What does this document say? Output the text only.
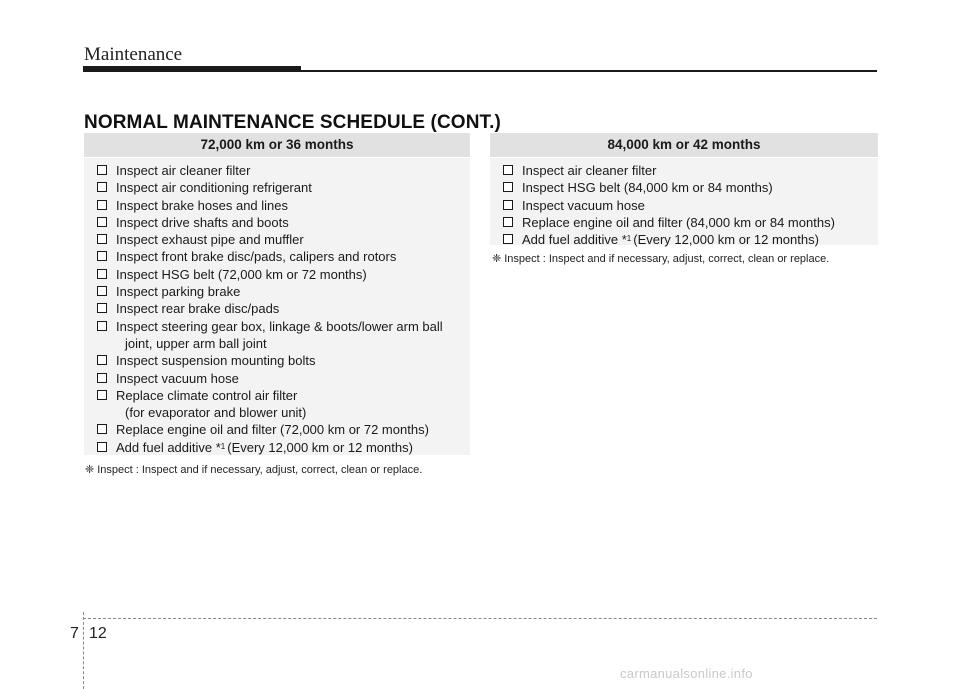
Maintenance
NORMAL MAINTENANCE SCHEDULE (CONT.)
72,000 km or 36 months
Inspect air cleaner filter
Inspect air conditioning refrigerant
Inspect brake hoses and lines
Inspect drive shafts and boots
Inspect exhaust pipe and muffler
Inspect front brake disc/pads, calipers and rotors
Inspect HSG belt (72,000 km or 72 months)
Inspect parking brake
Inspect rear brake disc/pads
Inspect steering gear box, linkage & boots/lower arm ball
joint, upper arm ball joint
Inspect suspension mounting bolts
Inspect vacuum hose
Replace climate control air filter
(for evaporator and blower unit)
Replace engine oil and filter (72,000 km or 72 months)
Add fuel additive *$^1$ (Every 12,000 km or 12 months)
❈ Inspect : Inspect and if necessary, adjust, correct, clean or replace.
84,000 km or 42 months
Inspect air cleaner filter
Inspect HSG belt (84,000 km or 84 months)
Inspect vacuum hose
Replace engine oil and filter (84,000 km or 84 months)
Add fuel additive *$^1$ (Every 12,000 km or 12 months)
❈ Inspect : Inspect and if necessary, adjust, correct, clean or replace.
7 12
carmanualsonline.info
